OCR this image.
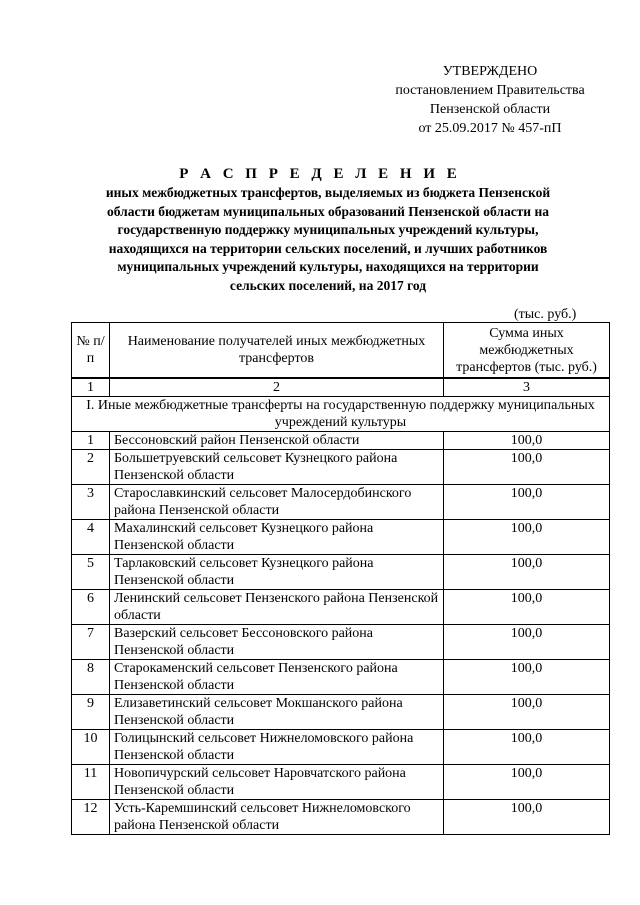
УТВЕРЖДЕНО
постановлением Правительства
Пензенской области
от 25.09.2017 № 457-пП
Р А С П Р Е Д Е Л Е Н И Е
иных межбюджетных трансфертов, выделяемых из бюджета Пензенской
области бюджетам муниципальных образований Пензенской области на
государственную поддержку муниципальных учреждений культуры,
находящихся на территории сельских поселений, и лучших работников
муниципальных учреждений культуры, находящихся на территории
сельских поселений, на 2017 год
(тыс. руб.)
№ п/п	Наименование получателей иных межбюджетных трансфертов	Сумма иных межбюджетных трансфертов (тыс. руб.)
1	2	3
I. Иные межбюджетные трансферты на государственную поддержку муниципальных учреждений культуры		
1	Бессоновский район Пензенской области	100,0
2	Большетруевский сельсовет Кузнецкого района Пензенской области	100,0
3	Старославкинский сельсовет Малосердобинского района Пензенской области	100,0
4	Махалинский сельсовет Кузнецкого района Пензенской области	100,0
5	Тарлаковский сельсовет Кузнецкого района Пензенской области	100,0
6	Ленинский сельсовет Пензенского района Пензенской области	100,0
7	Вазерский сельсовет Бессоновского района Пензенской области	100,0
8	Старокаменский сельсовет Пензенского района Пензенской области	100,0
9	Елизаветинский сельсовет Мокшанского района Пензенской области	100,0
10	Голицынский сельсовет Нижнеломовского района Пензенской области	100,0
11	Новопичурский сельсовет Наровчатского района Пензенской области	100,0
12	Усть-Каремшинский сельсовет Нижнеломовского района Пензенской области	100,0
